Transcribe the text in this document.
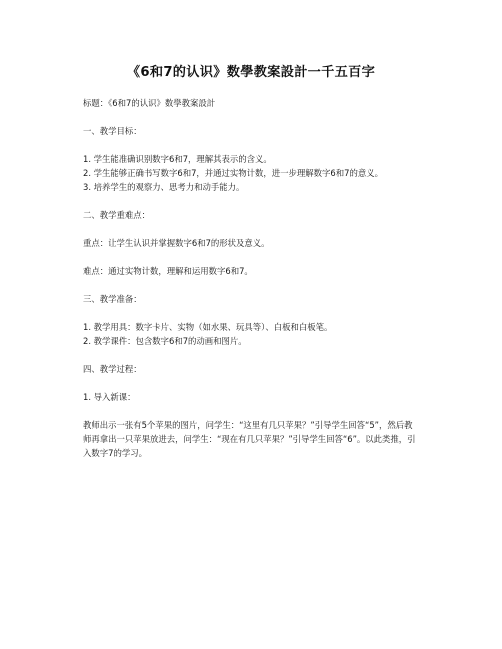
《6和7的认识》数學教案設計一千五百字

标题：《6和7的认识》数學教案設計

一、教学目标：

1. 学生能准确识别数字6和7，理解其表示的含义。

2. 学生能够正确书写数字6和7，并通过实物计数，进一步理解数字6和7的意义。

3. 培养学生的观察力、思考力和动手能力。

二、教学重难点：

重点：让学生认识并掌握数字6和7的形状及意义。

难点：通过实物计数，理解和运用数字6和7。

三、教学准备：

1. 教学用具：数字卡片、实物（如水果、玩具等）、白板和白板笔。

2. 教学课件：包含数字6和7的动画和图片。

四、教学过程：

1. 导入新课：

教师出示一张有5个苹果的图片，问学生：“这里有几只苹果？”引导学生回答“5”，然后教师再拿出一只苹果放进去，问学生：“现在有几只苹果？”引导学生回答“6”。以此类推，引入数字7的学习。
